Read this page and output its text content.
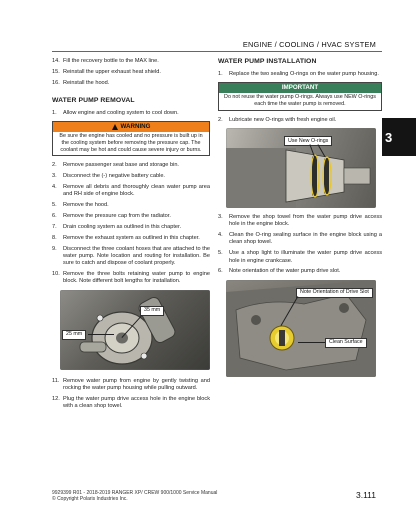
ENGINE / COOLING / HVAC SYSTEM
3
14. Fill the recovery bottle to the MAX line.
15. Reinstall the upper exhaust heat shield.
16. Reinstall the hood.
WATER PUMP REMOVAL
1.	Allow engine and cooling system to cool down.
WARNING
Be sure the engine has cooled and no pressure is built up in the cooling system before removing the pressure cap. The coolant may be hot and could cause severe injury or burns.
2.	Remove passenger seat base and storage bin.
3.	Disconnect the (-) negative battery cable.
4.	Remove all debris and thoroughly clean water pump area and RH side of engine block.
5.	Remove the hood.
6.	Remove the pressure cap from the radiator.
7.	Drain cooling system as outlined in this chapter.
8.	Remove the exhaust system as outlined in this chapter.
9.	Disconnect the three coolant hoses that are attached to the water pump. Note location and routing for installation. Be sure to catch and dispose of coolant properly.
10. Remove the three bolts retaining water pump to engine block. Note different bolt lengths for installation.
35 mm
25 mm
11. Remove water pump from engine by gently twisting and rocking the water pump housing while pulling outward.
12. Plug the water pump drive access hole in the engine block with a clean shop towel.
WATER PUMP INSTALLATION
1.	Replace the two sealing O-rings on the water pump housing.
IMPORTANT
Do not reuse the water pump O-rings. Always use NEW O-rings each time the water pump is removed.
2.	Lubricate new O-rings with fresh engine oil.
Use New O-rings
3.	Remove the shop towel from the water pump drive access hole in the engine block.
4.	Clean the O-ring sealing surface in the engine block using a clean shop towel.
5.	Use a shop light to illuminate the water pump drive access hole in engine crankcase.
6.	Note orientation of the water pump drive slot.
Note Orientation of Drive Slot
Clean Surface
9929399 R01 - 2018-2019 RANGER XP/ CREW 900/1000 Service Manual
© Copyright Polaris Industries Inc.	3.111
